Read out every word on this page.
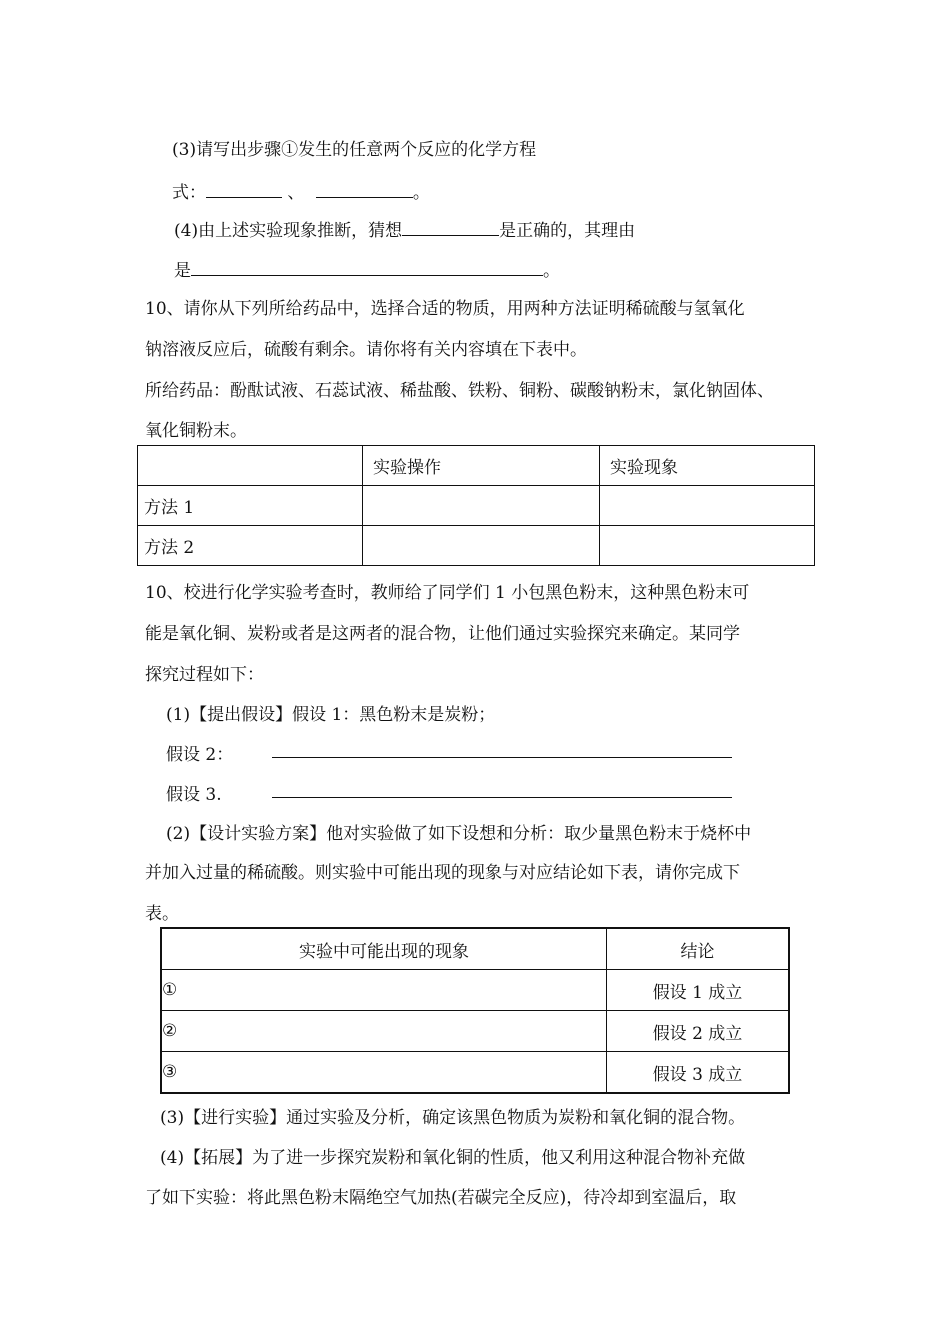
(3)请写出步骤①发生的任意两个反应的化学方程
式：	、	。
(4)由上述实验现象推断，猜想	是正确的，其理由
是	。
10、请你从下列所给药品中，选择合适的物质，用两种方法证明稀硫酸与氢氧化
钠溶液反应后，硫酸有剩余。请你将有关内容填在下表中。
所给药品：酚酞试液、石蕊试液、稀盐酸、铁粉、铜粉、碳酸钠粉末，氯化钠固体、
氧化铜粉末。
	实验操作	实验现象
方法 1		
方法 2		
10、校进行化学实验考查时，教师给了同学们 1 小包黑色粉末，这种黑色粉末可
能是氧化铜、炭粉或者是这两者的混合物，让他们通过实验探究来确定。某同学
探究过程如下：
(1)【提出假设】假设 1：黑色粉末是炭粉；
假设 2：
假设 3.
(2)【设计实验方案】他对实验做了如下设想和分析：取少量黑色粉末于烧杯中
并加入过量的稀硫酸。则实验中可能出现的现象与对应结论如下表，请你完成下
表。
实验中可能出现的现象	结论
①	假设 1 成立
②	假设 2 成立
③	假设 3 成立
(3)【进行实验】通过实验及分析，确定该黑色物质为炭粉和氧化铜的混合物。
(4)【拓展】为了进一步探究炭粉和氧化铜的性质，他又利用这种混合物补充做
了如下实验：将此黑色粉末隔绝空气加热(若碳完全反应)，待冷却到室温后，取
